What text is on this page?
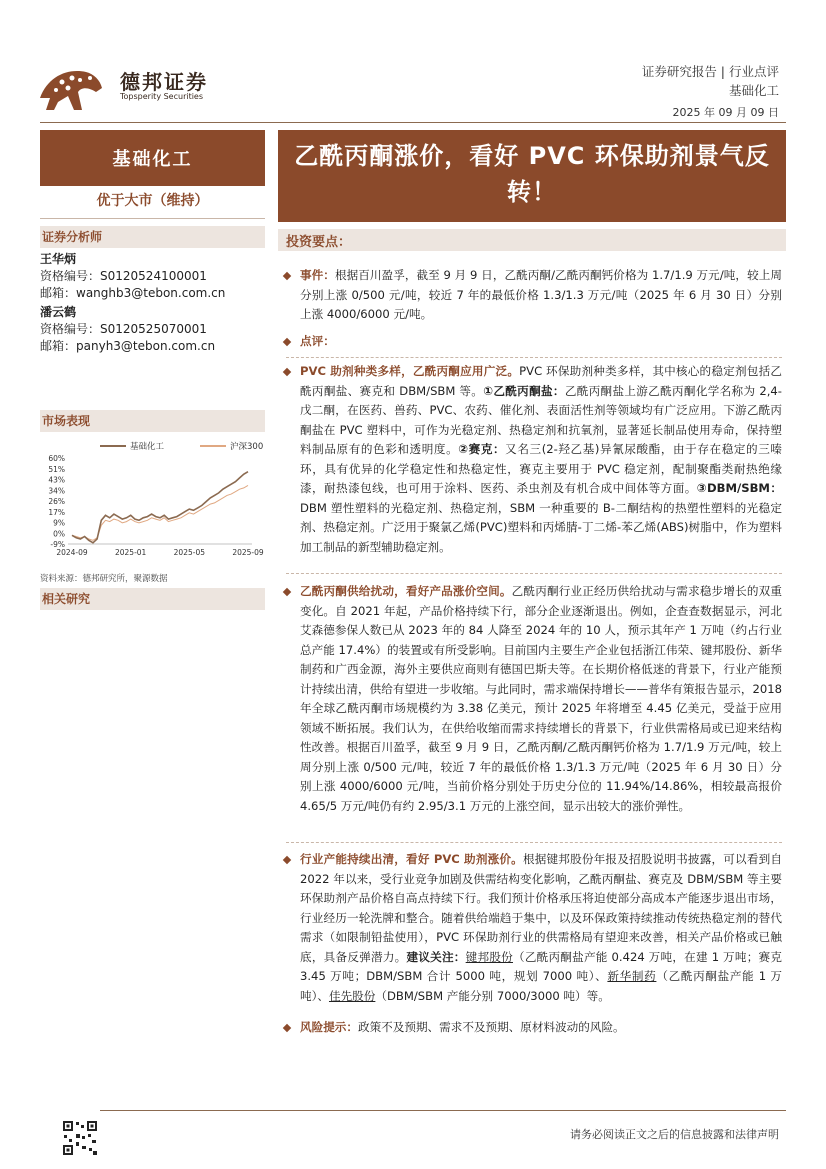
德邦证券
Topsperity Securities
证券研究报告 | 行业点评
基础化工
2025 年 09 月 09 日
基础化工
优于大市（维持）
证券分析师
王华炳
资格编号：S0120524100001
邮箱：wanghb3@tebon.com.cn
潘云鹤
资格编号：S0120525070001
邮箱：panyh3@tebon.com.cn
市场表现
基础化工	沪深300
60%
51%
43%
34%
26%
17%
9%
0%
-9%
2024-09	2025-01	2025-05	2025-09
资料来源：德邦研究所，聚源数据
相关研究
乙酰丙酮涨价，看好 PVC 环保助剂景气反转！
投资要点：
事件：根据百川盈孚，截至 9 月 9 日，乙酰丙酮/乙酰丙酮钙价格为 1.7/1.9 万元/吨，较上周分别上涨 0/500 元/吨，较近 7 年的最低价格 1.3/1.3 万元/吨（2025 年 6 月 30 日）分别上涨 4000/6000 元/吨。
点评：
PVC 助剂种类多样，乙酰丙酮应用广泛。PVC 环保助剂种类多样，其中核心的稳定剂包括乙酰丙酮盐、赛克和 DBM/SBM 等。①乙酰丙酮盐：乙酰丙酮盐上游乙酰丙酮化学名称为 2,4-戊二酮，在医药、兽药、PVC、农药、催化剂、表面活性剂等领域均有广泛应用。下游乙酰丙酮盐在 PVC 塑料中，可作为光稳定剂、热稳定剂和抗氧剂，显著延长制品使用寿命，保持塑料制品原有的色彩和透明度。②赛克：又名三(2-羟乙基)异氰尿酸酯，由于存在稳定的三嗪环，具有优异的化学稳定性和热稳定性，赛克主要用于 PVC 稳定剂，配制聚酯类耐热绝缘漆，耐热漆包线，也可用于涂料、医药、杀虫剂及有机合成中间体等方面。③DBM/SBM：DBM 塑性塑料的光稳定剂、热稳定剂，SBM 一种重要的 B-二酮结构的热塑性塑料的光稳定剂、热稳定剂。广泛用于聚氯乙烯(PVC)塑料和丙烯腈-丁二烯-苯乙烯(ABS)树脂中，作为塑料加工制品的新型辅助稳定剂。
乙酰丙酮供给扰动，看好产品涨价空间。乙酰丙酮行业正经历供给扰动与需求稳步增长的双重变化。自 2021 年起，产品价格持续下行，部分企业逐渐退出。例如，企查查数据显示，河北艾森德参保人数已从 2023 年的 84 人降至 2024 年的 10 人，预示其年产 1 万吨（约占行业总产能 17.4%）的装置或有所受影响。目前国内主要生产企业包括浙江伟荣、键邦股份、新华制药和广西金源，海外主要供应商则有德国巴斯夫等。在长期价格低迷的背景下，行业产能预计持续出清，供给有望进一步收缩。与此同时，需求端保持增长——普华有策报告显示，2018 年全球乙酰丙酮市场规模约为 3.38 亿美元，预计 2025 年将增至 4.45 亿美元，受益于应用领域不断拓展。我们认为，在供给收缩而需求持续增长的背景下，行业供需格局或已迎来结构性改善。根据百川盈孚，截至 9 月 9 日，乙酰丙酮/乙酰丙酮钙价格为 1.7/1.9 万元/吨，较上周分别上涨 0/500 元/吨，较近 7 年的最低价格 1.3/1.3 万元/吨（2025 年 6 月 30 日）分别上涨 4000/6000 元/吨，当前价格分别处于历史分位的 11.94%/14.86%，相较最高报价 4.65/5 万元/吨仍有约 2.95/3.1 万元的上涨空间，显示出较大的涨价弹性。
行业产能持续出清，看好 PVC 助剂涨价。根据键邦股份年报及招股说明书披露，可以看到自 2022 年以来，受行业竞争加剧及供需结构变化影响，乙酰丙酮盐、赛克及 DBM/SBM 等主要环保助剂产品价格自高点持续下行。我们预计价格承压将迫使部分高成本产能逐步退出市场，行业经历一轮洗牌和整合。随着供给端趋于集中，以及环保政策持续推动传统热稳定剂的替代需求（如限制铅盐使用），PVC 环保助剂行业的供需格局有望迎来改善，相关产品价格或已触底，具备反弹潜力。建议关注：键邦股份（乙酰丙酮盐产能 0.424 万吨，在建 1 万吨；赛克 3.45 万吨；DBM/SBM 合计 5000 吨，规划 7000 吨）、新华制药（乙酰丙酮盐产能 1 万吨）、佳先股份（DBM/SBM 产能分别 7000/3000 吨）等。
风险提示：政策不及预期、需求不及预期、原材料波动的风险。
请务必阅读正文之后的信息披露和法律声明
